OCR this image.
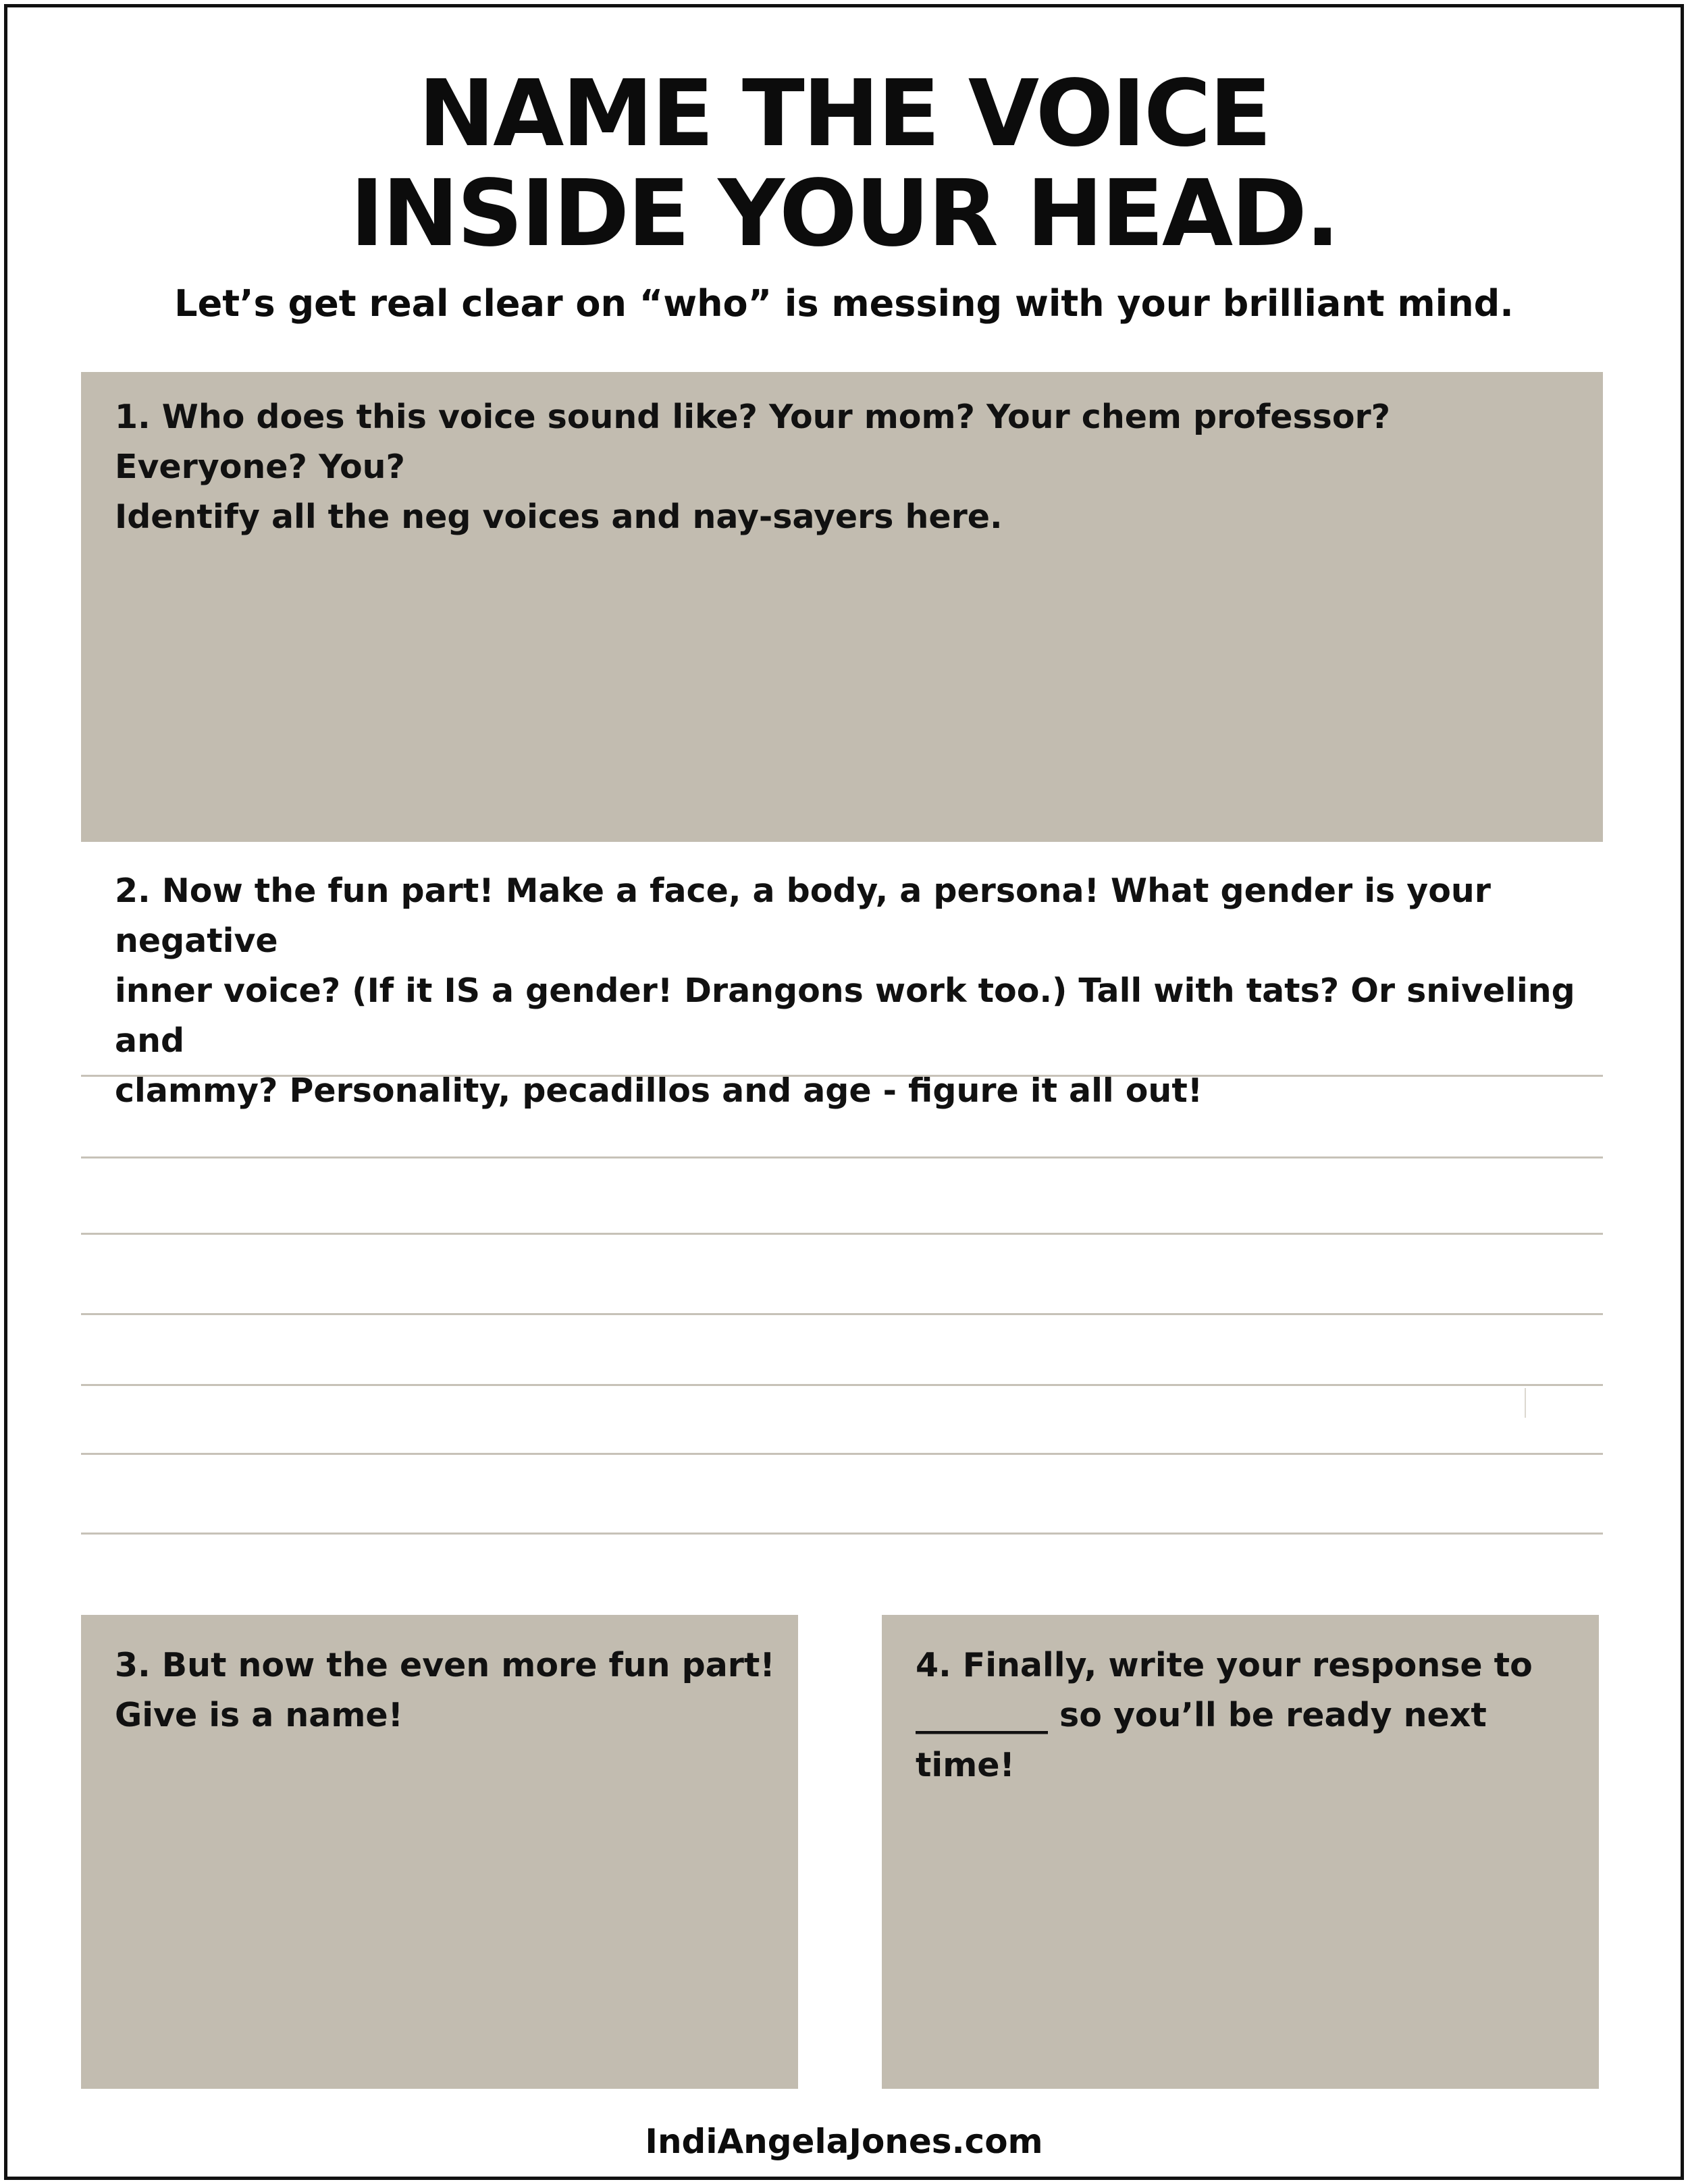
NAME THE VOICE
INSIDE YOUR HEAD.
Let’s get real clear on “who” is messing with your brilliant mind.
1. Who does this voice sound like? Your mom? Your chem professor? Everyone? You?
Identify all the neg voices and nay-sayers here.
2. Now the fun part! Make a face, a body, a persona! What gender is your negative
inner voice? (If it IS a gender! Drangons work too.) Tall with tats? Or sniveling and
clammy? Personality, pecadillos and age - figure it all out!
3. But now the even more fun part!
Give is a name!
4. Finally, write your response to
________ so you’ll be ready next time!
IndiAngelaJones.com
